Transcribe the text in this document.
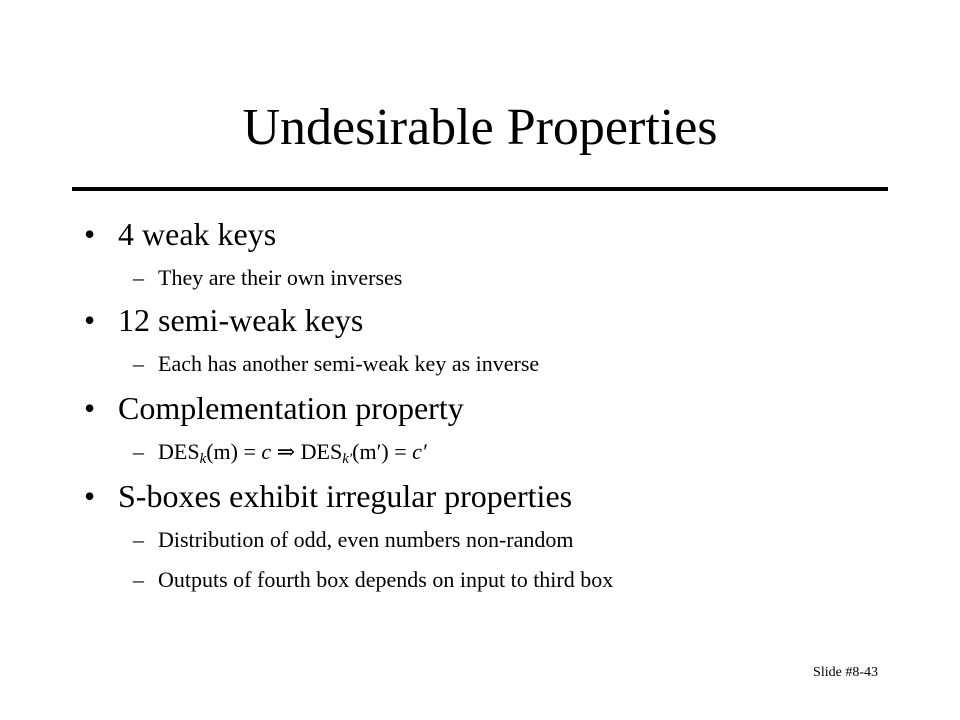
Undesirable Properties
• 4 weak keys
– They are their own inverses
• 12 semi-weak keys
– Each has another semi-weak key as inverse
• Complementation property
– $DES_k(m) = c$ ⇒ $DES_{k'}(m') = c'$
• S-boxes exhibit irregular properties
– Distribution of odd, even numbers non-random
– Outputs of fourth box depends on input to third box
Slide #8-43
